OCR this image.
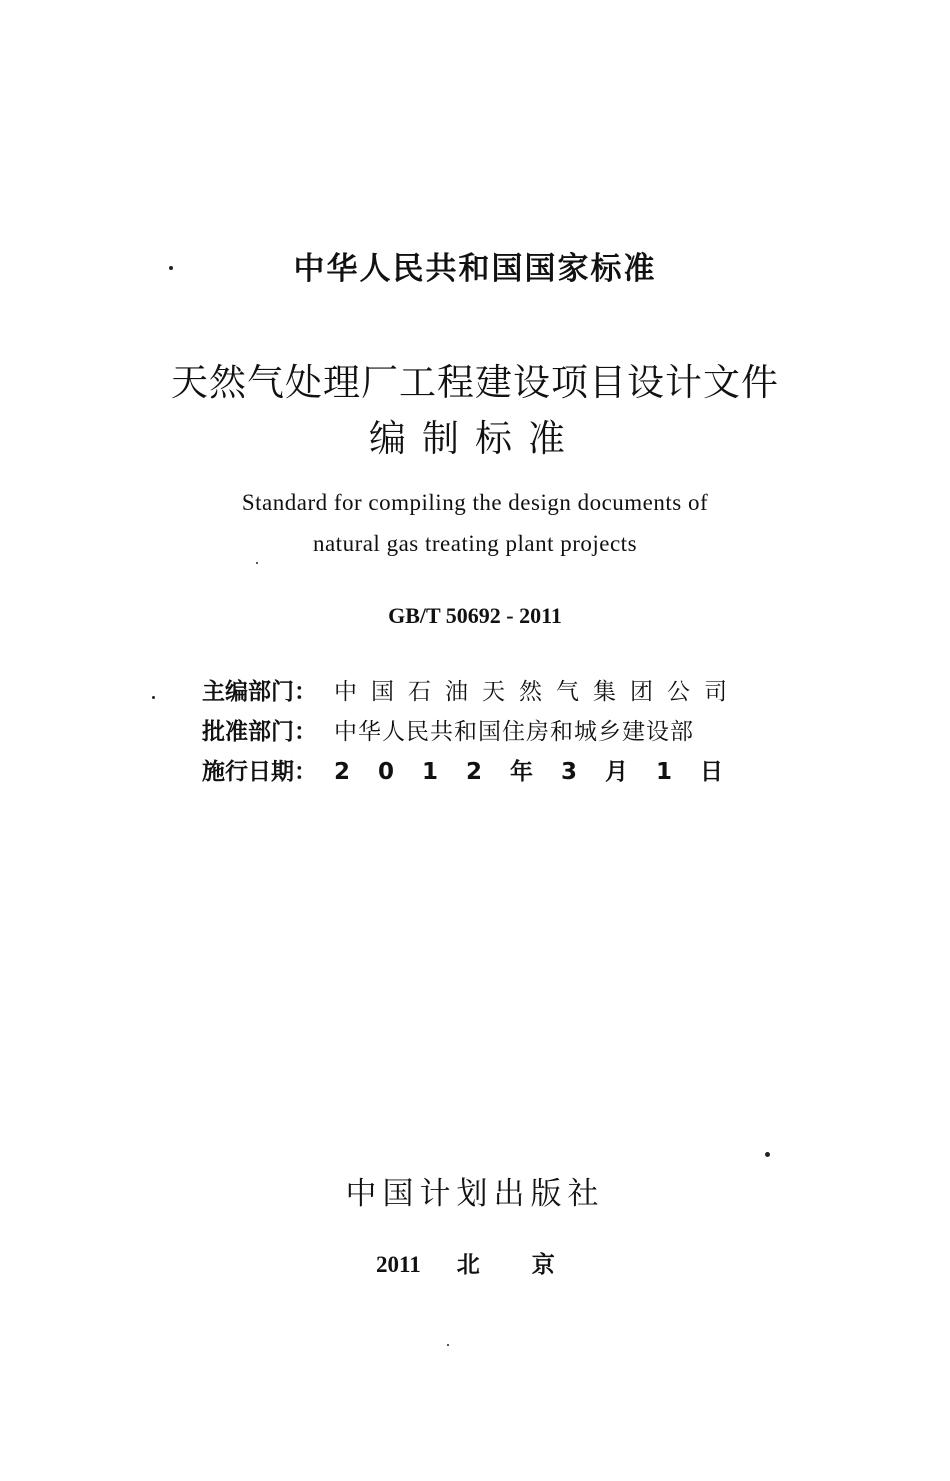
中华人民共和国国家标准
天然气处理厂工程建设项目设计文件
编制标准
Standard for compiling the design documents of
natural gas treating plant projects
GB/T 50692 - 2011
主编部门： 中国石油天然气集团公司
批准部门： 中华人民共和国住房和城乡建设部
施行日期： 2012年3月1日
中国计划出版社
2011 北京
